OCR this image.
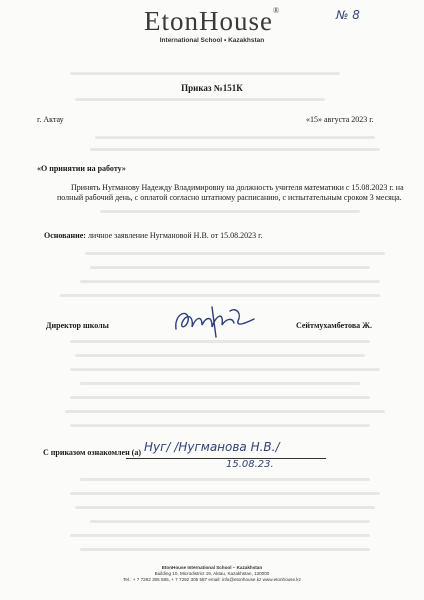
EtonHouse®
International School • Kazakhstan
№ 8
Приказ №151К
г. Актау	«15» августа 2023 г.
«О принятии на работу»
Принять Нугманову Надежду Владимировну на должность учителя математики с 15.08.2023 г. на полный рабочий день, с оплатой согласно штатному расписанию, с испытательным сроком 3 месяца.
Основание: личное заявление Нугмановой Н.В. от 15.08.2023 г.
Директор школы	Сейтмухамбетова Ж.
С приказом ознакомлен (а) Нуг/ /Нугманова Н.В./
15.08.23.
EtonHouse International School – Kazakhstan
Building 10, Microdistrict 19, Aktau, Kazakhstan, 130000
Tel.: + 7 7292 305 585, + 7 7292 305 587 email: info@etonhouse.kz www.etonhouse.kz
